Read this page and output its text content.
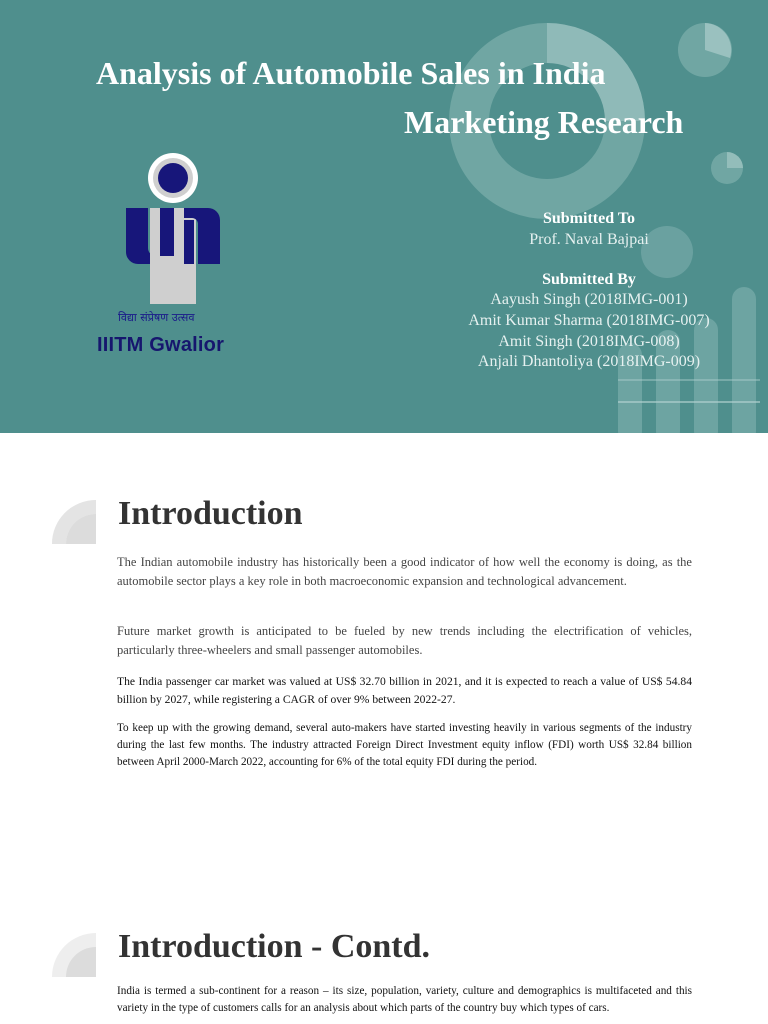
Analysis of Automobile Sales in India
Marketing Research
विद्या संप्रेषण उत्सव
IIITM Gwalior
Submitted To
Prof. Naval Bajpai
Submitted By
Aayush Singh (2018IMG-001)
Amit Kumar Sharma (2018IMG-007)
Amit Singh (2018IMG-008)
Anjali Dhantoliya (2018IMG-009)
Introduction

The Indian automobile industry has historically been a good indicator of how well the economy is doing, as the automobile sector plays a key role in both macroeconomic expansion and technological advancement.

Future market growth is anticipated to be fueled by new trends including the electrification of vehicles, particularly three-wheelers and small passenger automobiles.

The India passenger car market was valued at US$ 32.70 billion in 2021, and it is expected to reach a value of US$ 54.84 billion by 2027, while registering a CAGR of over 9% between 2022-27.

To keep up with the growing demand, several auto-makers have started investing heavily in various segments of the industry during the last few months. The industry attracted Foreign Direct Investment equity inflow (FDI) worth US$ 32.84 billion between April 2000-March 2022, accounting for 6% of the total equity FDI during the period.

Introduction - Contd.

India is termed a sub-continent for a reason – its size, population, variety, culture and demographics is multifaceted and this variety in the type of customers calls for an analysis about which parts of the country buy which types of cars.
